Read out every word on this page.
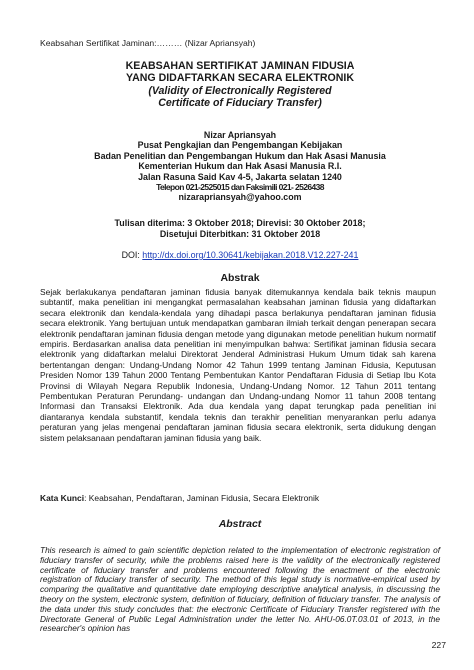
Keabsahan Sertifikat Jaminan:……… (Nizar Apriansyah)
KEABSAHAN SERTIFIKAT JAMINAN FIDUSIA
YANG DIDAFTARKAN SECARA ELEKTRONIK
(Validity of Electronically Registered
Certificate of Fiduciary Transfer)
Nizar Apriansyah
Pusat Pengkajian dan Pengembangan Kebijakan
Badan Penelitian dan Pengembangan Hukum dan Hak Asasi Manusia
Kementerian Hukum dan Hak Asasi Manusia R.I.
Jalan Rasuna Said Kav 4-5, Jakarta selatan 1240
Telepon 021-2525015 dan Faksimili 021- 2526438
nizarapriansyah@yahoo.com
Tulisan diterima: 3 Oktober 2018; Direvisi: 30 Oktober 2018;
Disetujui Diterbitkan: 31 Oktober 2018
DOI: http://dx.doi.org/10.30641/kebijakan.2018.V12.227-241
Abstrak
Sejak berlakukanya pendaftaran jaminan fidusia banyak ditemukannya kendala baik teknis maupun subtantif, maka penelitian ini mengangkat permasalahan keabsahan jaminan fidusia yang didaftarkan secara elektronik dan kendala-kendala yang dihadapi pasca berlakunya pendaftaran jaminan fidusia secara elektronik. Yang bertujuan untuk mendapatkan gambaran ilmiah terkait dengan penerapan secara elektronik pendaftaran jaminan fidusia dengan metode yang digunakan metode penelitian hukum normatif empiris. Berdasarkan analisa data penelitian ini menyimpulkan bahwa: Sertifikat jaminan fidusia secara elektronik yang didaftarkan melalui Direktorat Jenderal Administrasi Hukum Umum tidak sah karena bertentangan dengan: Undang-Undang Nomor 42 Tahun 1999 tentang Jaminan Fidusia, Keputusan Presiden Nomor 139 Tahun 2000 Tentang Pembentukan Kantor Pendaftaran Fidusia di Setiap Ibu Kota Provinsi di Wilayah Negara Republik Indonesia, Undang-Undang Nomor. 12 Tahun 2011 tentang Pembentukan Peraturan Perundang- undangan dan Undang-undang Nomor 11 tahun 2008 tentang Informasi dan Transaksi Elektronik. Ada dua kendala yang dapat terungkap pada penelitian ini diantaranya kendala substantif, kendala teknis dan terakhir penelitian menyarankan perlu adanya peraturan yang jelas mengenai pendaftaran jaminan fidusia secara elektronik, serta didukung dengan sistem pelaksanaan pendaftaran jaminan fidusia yang baik.
Kata Kunci: Keabsahan, Pendaftaran, Jaminan Fidusia, Secara Elektronik
Abstract
This research is aimed to gain scientific depiction related to the implementation of electronic registration of fiduciary transfer of security, while the problems raised here is the validity of the electronically registered certificate of fiduciary transfer and problems encountered following the enactment of the electronic registration of fiduciary transfer of security. The method of this legal study is normative-empirical used by comparing the qualitative and quantitative date employing descriptive analytical analysis, in discussing the theory on the system, electronic system, definition of fiduciary, definition of fiduciary transfer. The analysis of the data under this study concludes that: the electronic Certificate of Fiduciary Transfer registered with the Directorate General of Public Legal Administration under the letter No. AHU-06.0T.03.01 of 2013, in the researcher's opinion has
227
